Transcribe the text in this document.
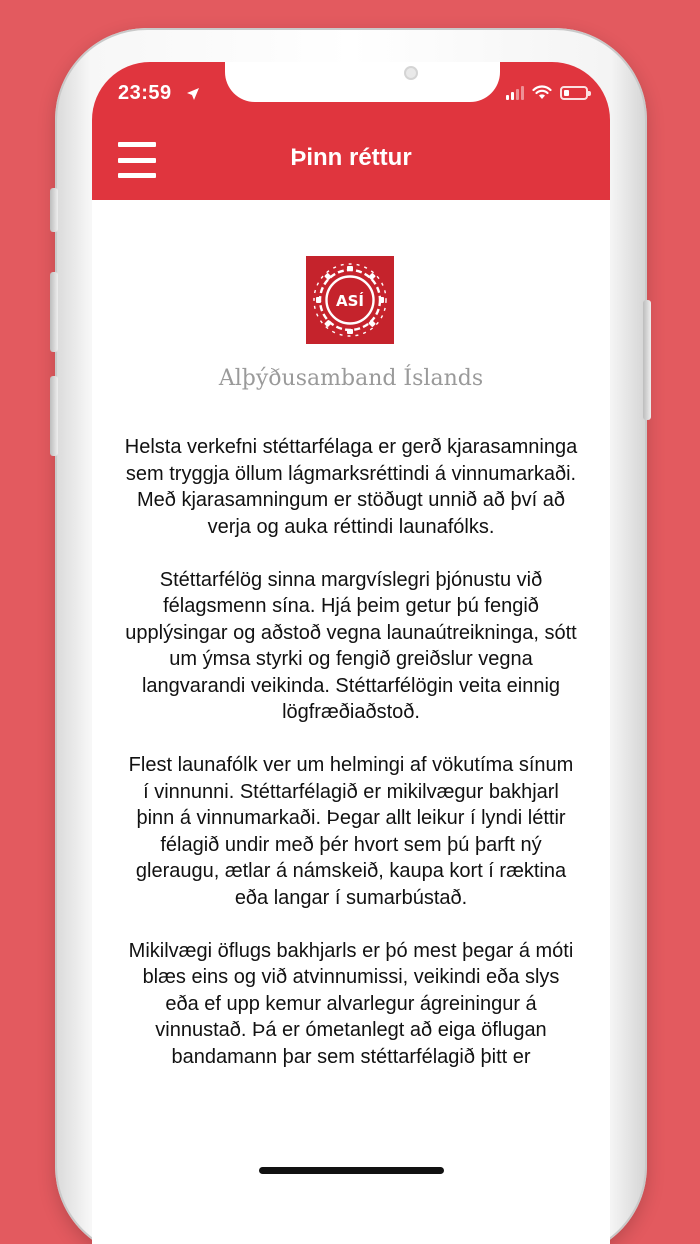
23:59
Þinn réttur
ASÍ
Alþýðusamband Íslands

Helsta verkefni stéttarfélaga er gerð kjarasamninga sem tryggja öllum lágmarksréttindi á vinnumarkaði. Með kjarasamningum er stöðugt unnið að því að verja og auka réttindi launafólks.

Stéttarfélög sinna margvíslegri þjónustu við félagsmenn sína. Hjá þeim getur þú fengið upplýsingar og aðstoð vegna launaútreikninga, sótt um ýmsa styrki og fengið greiðslur vegna langvarandi veikinda. Stéttarfélögin veita einnig lögfræðiaðstoð.

Flest launafólk ver um helmingi af vökutíma sínum í vinnunni. Stéttarfélagið er mikilvægur bakhjarl þinn á vinnumarkaði. Þegar allt leikur í lyndi léttir félagið undir með þér hvort sem þú þarft ný gleraugu, ætlar á námskeið, kaupa kort í ræktina eða langar í sumarbústað.

Mikilvægi öflugs bakhjarls er þó mest þegar á móti blæs eins og við atvinnumissi, veikindi eða slys eða ef upp kemur alvarlegur ágreiningur á vinnustað. Þá er ómetanlegt að eiga öflugan bandamann þar sem stéttarfélagið þitt er
